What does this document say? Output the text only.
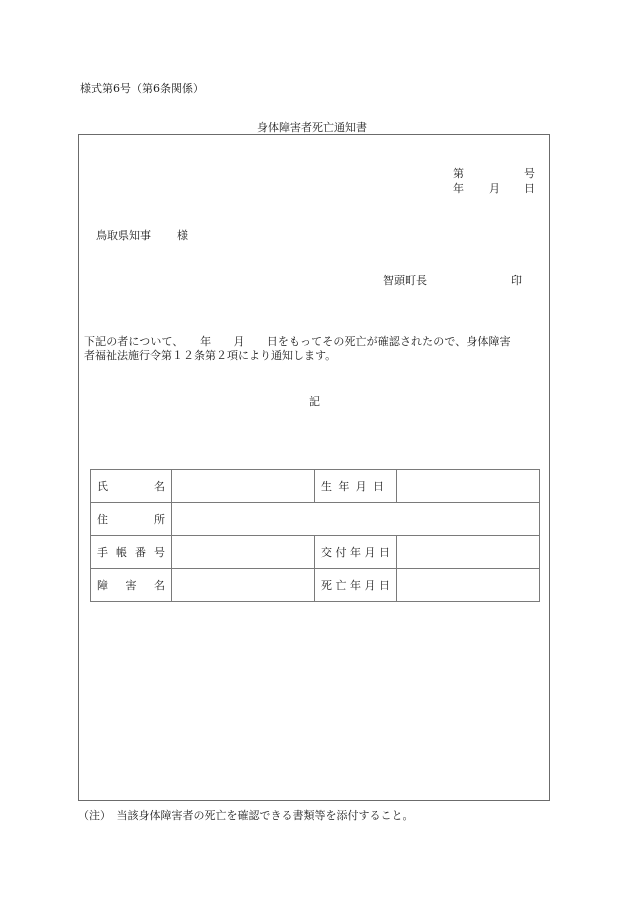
様式第6号（第6条関係）
身体障害者死亡通知書
第	号
年 月 日
鳥取県知事 様
智頭町長	印
下記の者について、　　年　　月　　日をもってその死亡が確認されたので、身体障害
者福祉法施行令第１２条第２項により通知します。
記
氏 名		生 年 月 日	

住 所			

手 帳 番 号		交 付 年 月 日	

障 害 名		死 亡 年 月 日	

（注）　当該身体障害者の死亡を確認できる書類等を添付すること。
